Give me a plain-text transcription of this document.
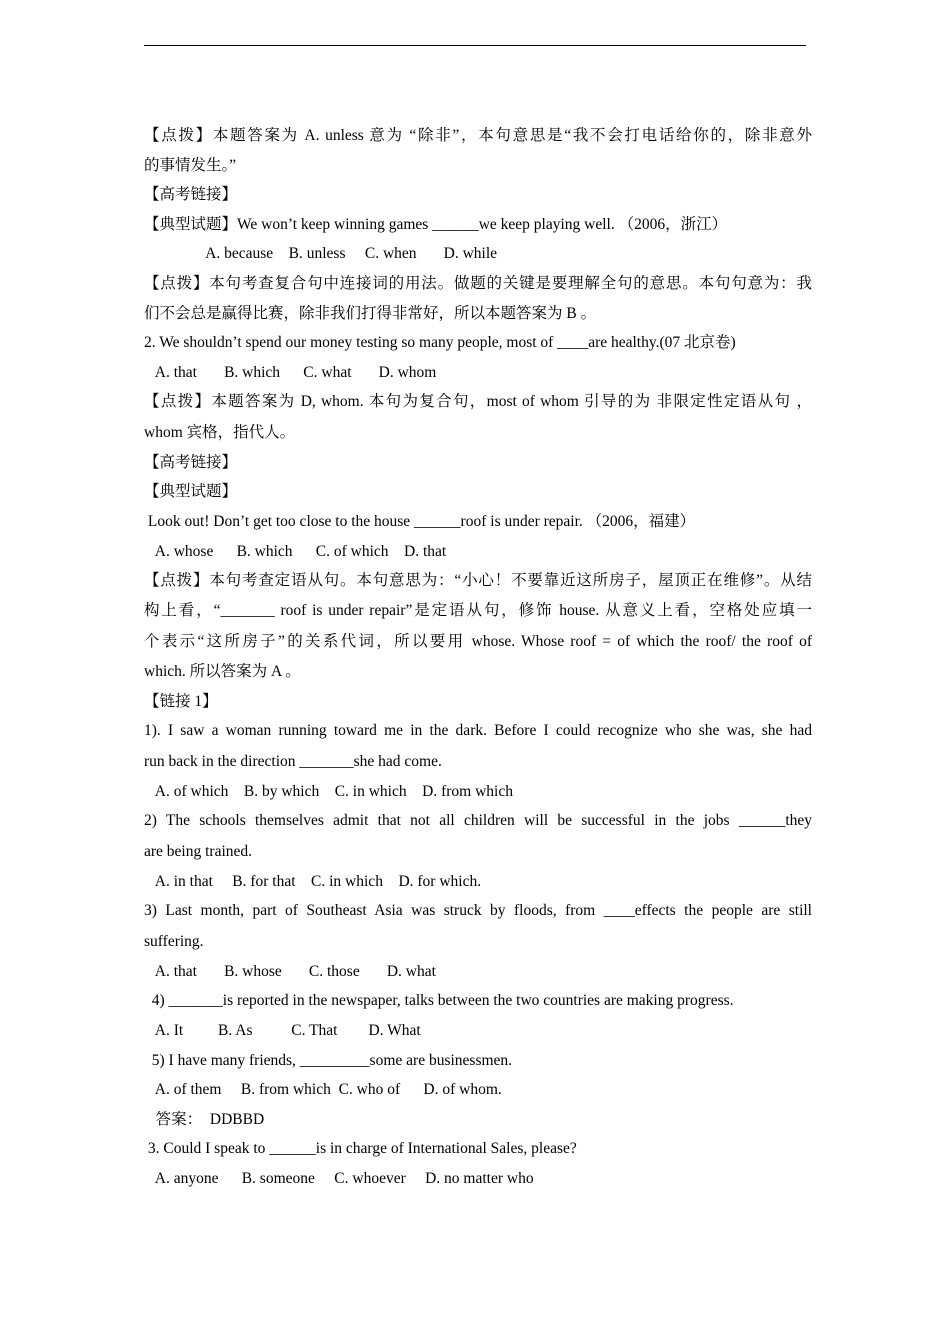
【点拨】本题答案为 A. unless 意为 “除非”，本句意思是“我不会打电话给你的，除非意外
的事情发生。”
【高考链接】
【典型试题】We won’t keep winning games ______we keep playing well. （2006，浙江）
A. because    B. unless     C. when       D. while
【点拨】本句考查复合句中连接词的用法。做题的关键是要理解全句的意思。本句句意为：我
们不会总是赢得比赛，除非我们打得非常好，所以本题答案为 B 。
2. We shouldn’t spend our money testing so many people, most of ____are healthy.(07 北京卷)
A. that       B. which      C. what       D. whom
【点拨】本题答案为 D, whom. 本句为复合句，most of whom 引导的为 非限定性定语从句 ，
whom 宾格，指代人。
【高考链接】
【典型试题】
Look out! Don’t get too close to the house ______roof is under repair. （2006，福建）
A. whose      B. which      C. of which    D. that
【点拨】本句考查定语从句。本句意思为：“小心！不要靠近这所房子，屋顶正在维修”。从结
构上看，“_______ roof is under repair”是定语从句，修饰 house. 从意义上看，空格处应填一
个表示“这所房子”的关系代词，所以要用 whose. Whose roof = of which the roof/ the roof of
which. 所以答案为 A 。
【链接 1】
1). I saw a woman running toward me in the dark. Before I could recognize who she was, she had
run back in the direction _______she had come.
A. of which    B. by which    C. in which    D. from which
2) The schools themselves admit that not all children will be successful in the jobs ______they
are being trained.
A. in that     B. for that    C. in which    D. for which.
3) Last month, part of Southeast Asia was struck by floods, from ____effects the people are still
suffering.
A. that       B. whose       C. those       D. what
4) _______is reported in the newspaper, talks between the two countries are making progress.
A. It         B. As          C. That        D. What
5) I have many friends, _________some are businessmen.
A. of them     B. from which  C. who of      D. of whom.
答案：  DDBBD
3. Could I speak to ______is in charge of International Sales, please?
A. anyone      B. someone     C. whoever     D. no matter who
